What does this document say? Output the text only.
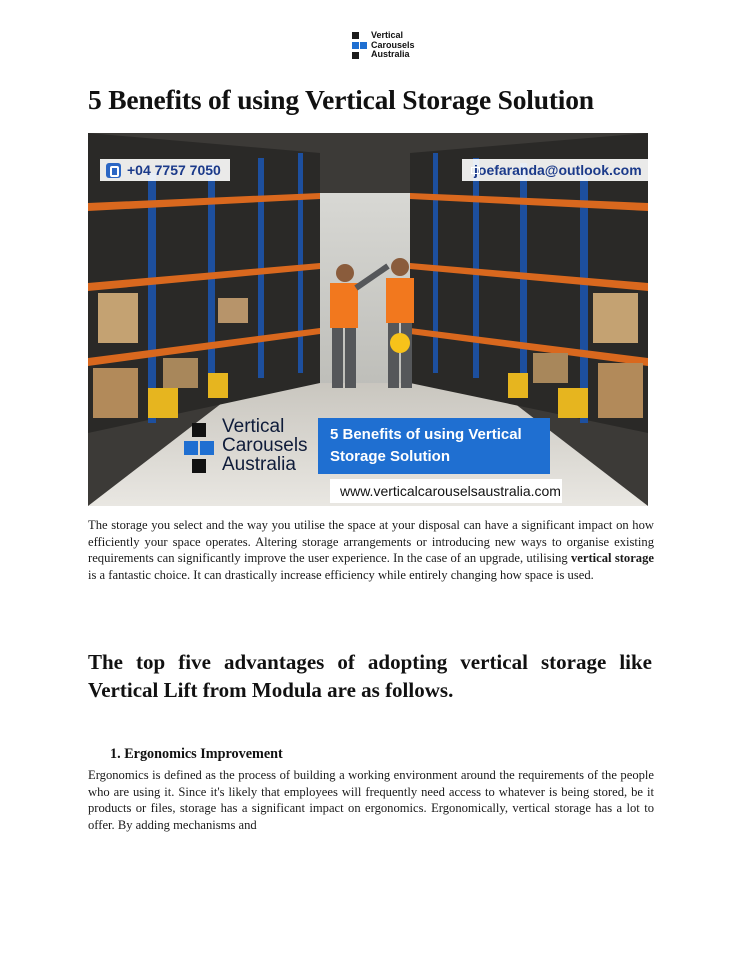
Vertical
Carousels
Australia
5 Benefits of using Vertical Storage Solution
+04 7757 7050	joefaranda@outlook.com
Vertical
Carousels
Australia
5 Benefits of using Vertical
Storage Solution
www.verticalcarouselsaustralia.com

The storage you select and the way you utilise the space at your disposal can have a significant impact on how efficiently your space operates. Altering storage arrangements or introducing new ways to organise existing requirements can significantly improve the user experience. In the case of an upgrade, utilising vertical storage is a fantastic choice. It can drastically increase efficiency while entirely changing how space is used.

The top five advantages of adopting vertical storage like Vertical Lift from Modula are as follows.
1. Ergonomics Improvement

Ergonomics is defined as the process of building a working environment around the requirements of the people who are using it. Since it's likely that employees will frequently need access to whatever is being stored, be it products or files, storage has a significant impact on ergonomics. Ergonomically, vertical storage has a lot to offer. By adding mechanisms and
